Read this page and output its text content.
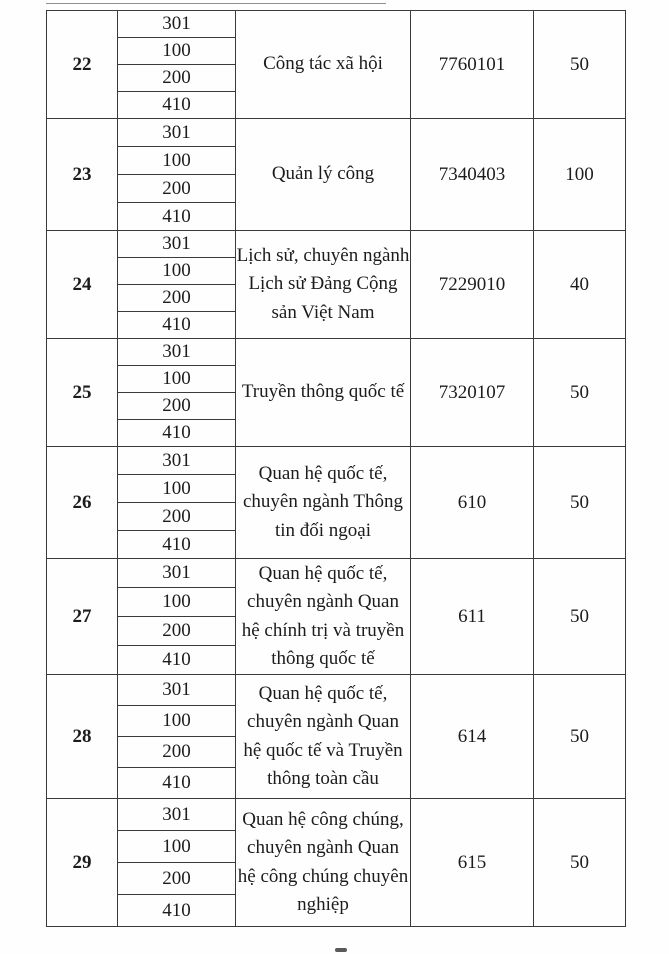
22	301	Công tác xã hội	7760101	50
	100			
	200			
	410			
23	301	Quản lý công	7340403	100
	100			
	200			
	410			
24	301	Lịch sử, chuyên ngành Lịch sử Đảng Cộng sản Việt Nam	7229010	40
	100			
	200			
	410			
25	301	Truyền thông quốc tế	7320107	50
	100			
	200			
	410			
26	301	Quan hệ quốc tế, chuyên ngành Thông tin đối ngoại	610	50
	100			
	200			
	410			
27	301	Quan hệ quốc tế, chuyên ngành Quan hệ chính trị và truyền thông quốc tế	611	50
	100			
	200			
	410			
28	301	Quan hệ quốc tế, chuyên ngành Quan hệ quốc tế và Truyền thông toàn cầu	614	50
	100			
	200			
	410			
29	301	Quan hệ công chúng, chuyên ngành Quan hệ công chúng chuyên nghiệp	615	50
	100			
	200			
	410			
